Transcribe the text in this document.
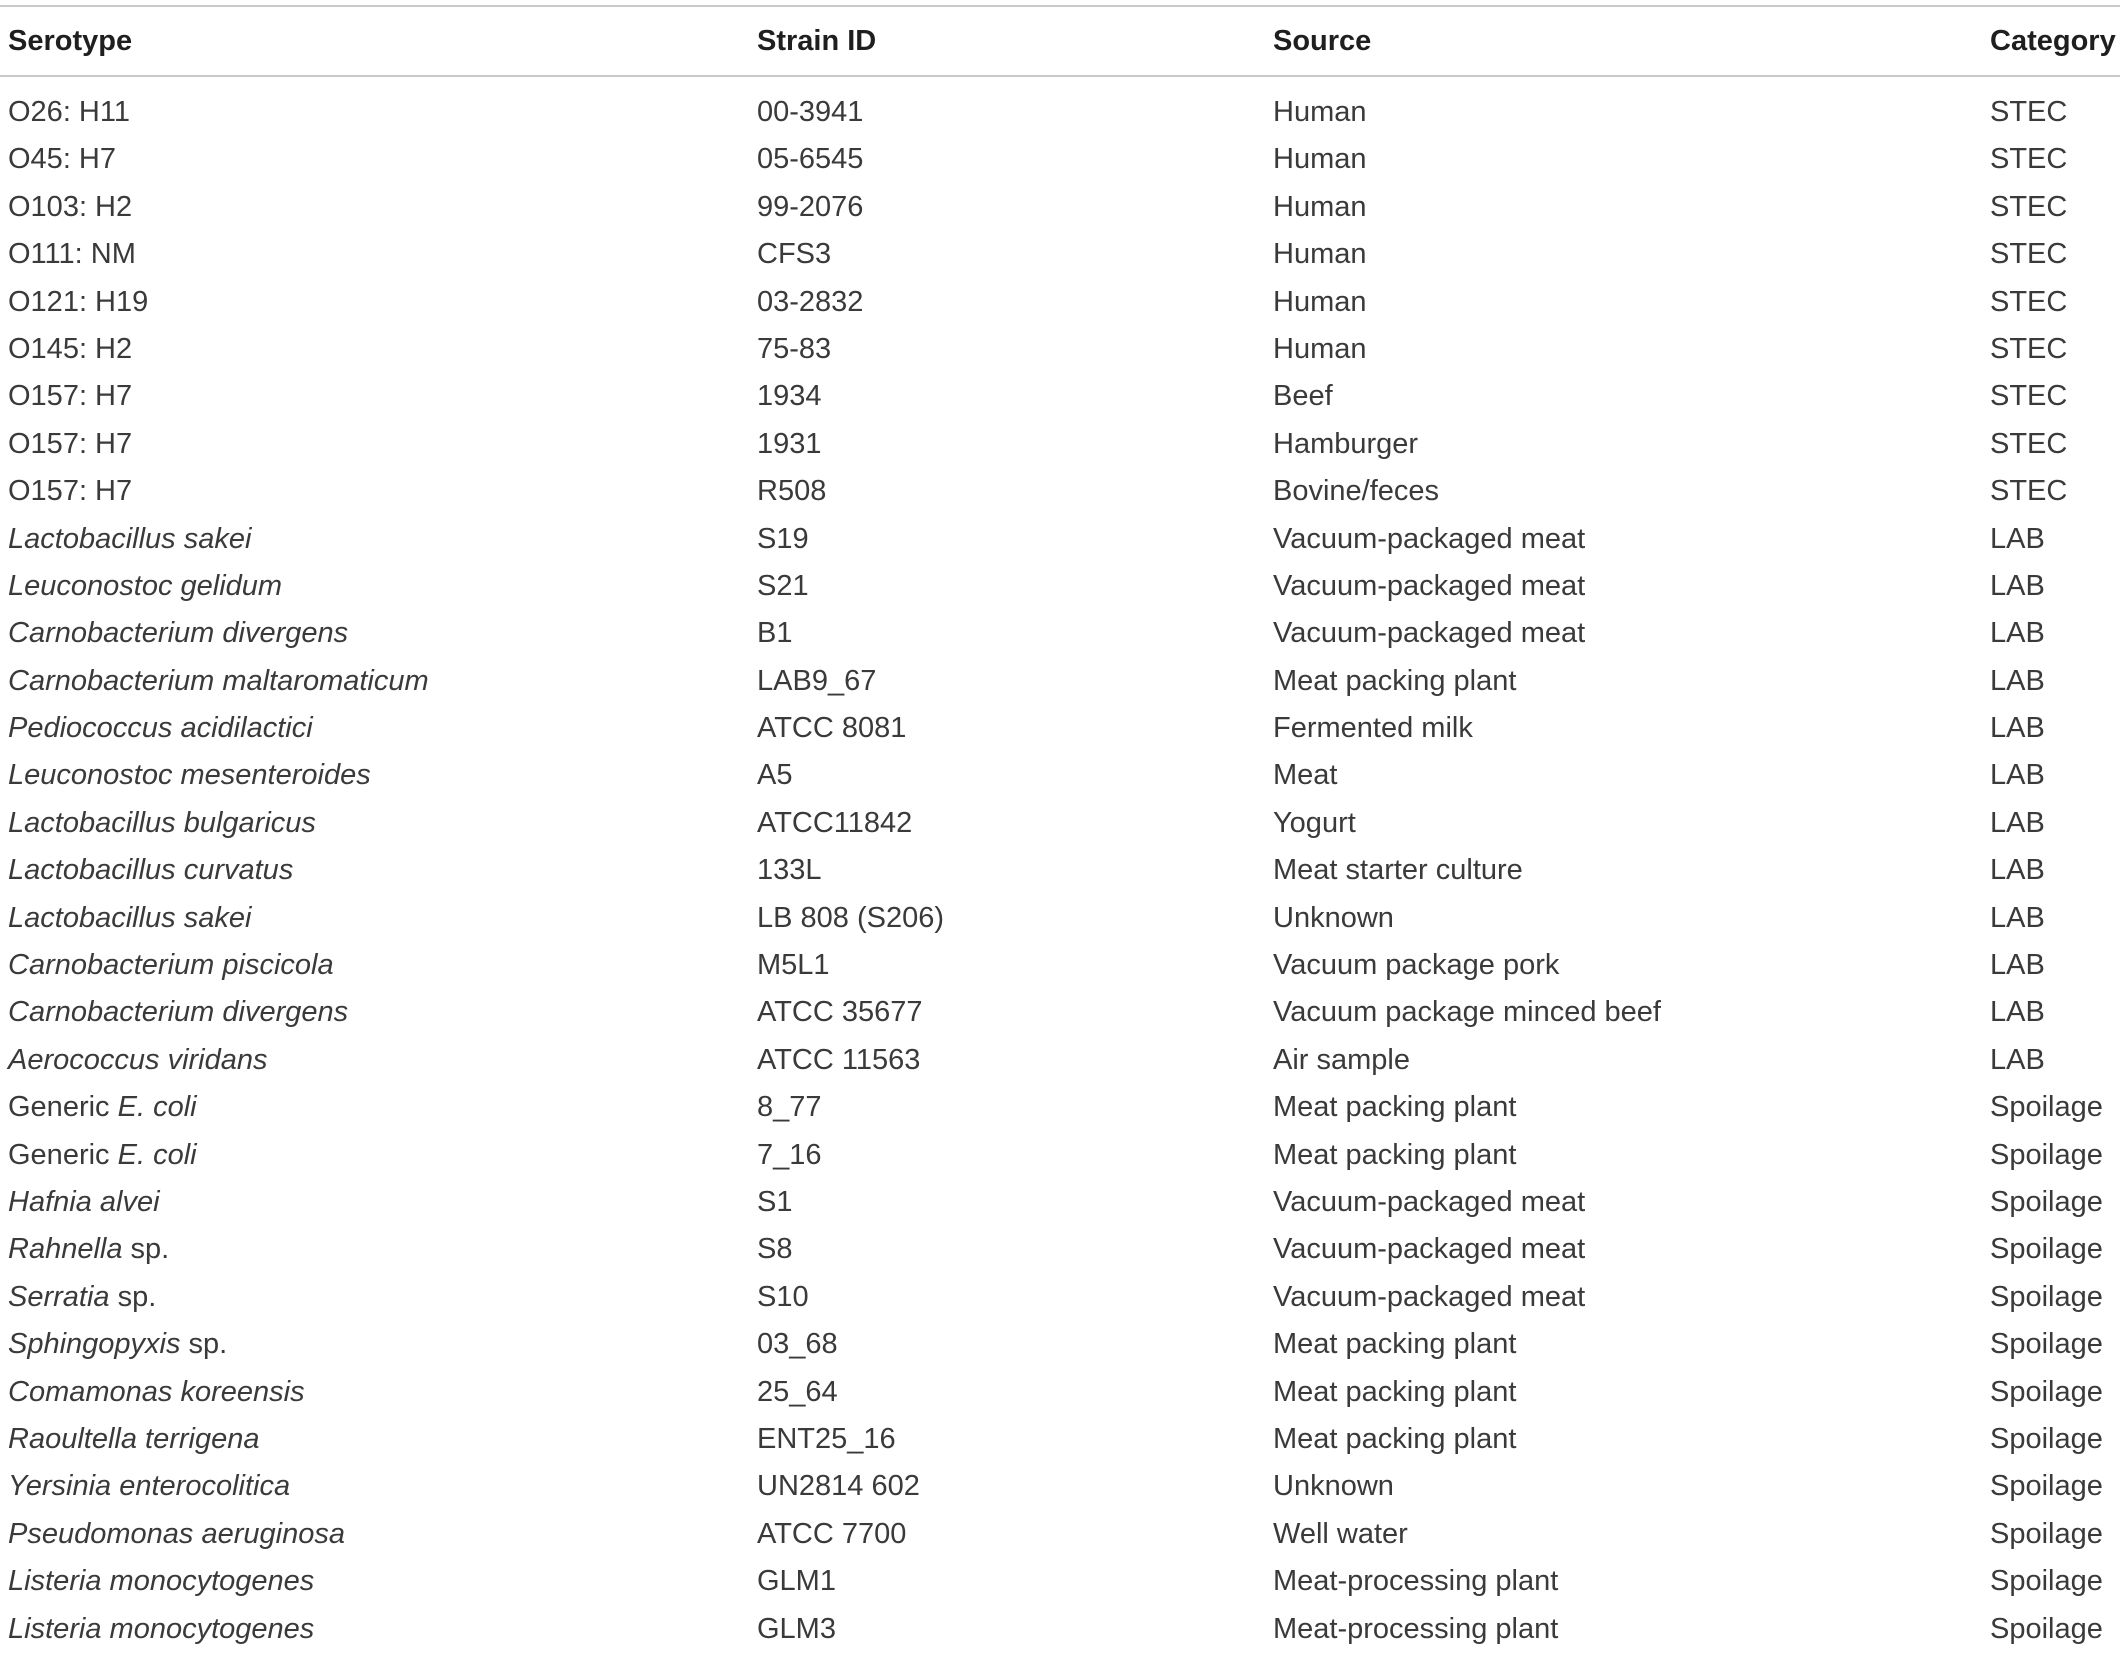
Serotype	Strain ID	Source	Category
O26: H11	00-3941	Human	STEC
O45: H7	05-6545	Human	STEC
O103: H2	99-2076	Human	STEC
O111: NM	CFS3	Human	STEC
O121: H19	03-2832	Human	STEC
O145: H2	75-83	Human	STEC
O157: H7	1934	Beef	STEC
O157: H7	1931	Hamburger	STEC
O157: H7	R508	Bovine/feces	STEC
Lactobacillus sakei	S19	Vacuum-packaged meat	LAB
Leuconostoc gelidum	S21	Vacuum-packaged meat	LAB
Carnobacterium divergens	B1	Vacuum-packaged meat	LAB
Carnobacterium maltaromaticum	LAB9_67	Meat packing plant	LAB
Pediococcus acidilactici	ATCC 8081	Fermented milk	LAB
Leuconostoc mesenteroides	A5	Meat	LAB
Lactobacillus bulgaricus	ATCC11842	Yogurt	LAB
Lactobacillus curvatus	133L	Meat starter culture	LAB
Lactobacillus sakei	LB 808 (S206)	Unknown	LAB
Carnobacterium piscicola	M5L1	Vacuum package pork	LAB
Carnobacterium divergens	ATCC 35677	Vacuum package minced beef	LAB
Aerococcus viridans	ATCC 11563	Air sample	LAB
Generic E. coli	8_77	Meat packing plant	Spoilage
Generic E. coli	7_16	Meat packing plant	Spoilage
Hafnia alvei	S1	Vacuum-packaged meat	Spoilage
Rahnella sp.	S8	Vacuum-packaged meat	Spoilage
Serratia sp.	S10	Vacuum-packaged meat	Spoilage
Sphingopyxis sp.	03_68	Meat packing plant	Spoilage
Comamonas koreensis	25_64	Meat packing plant	Spoilage
Raoultella terrigena	ENT25_16	Meat packing plant	Spoilage
Yersinia enterocolitica	UN2814 602	Unknown	Spoilage
Pseudomonas aeruginosa	ATCC 7700	Well water	Spoilage
Listeria monocytogenes	GLM1	Meat-processing plant	Spoilage
Listeria monocytogenes	GLM3	Meat-processing plant	Spoilage
